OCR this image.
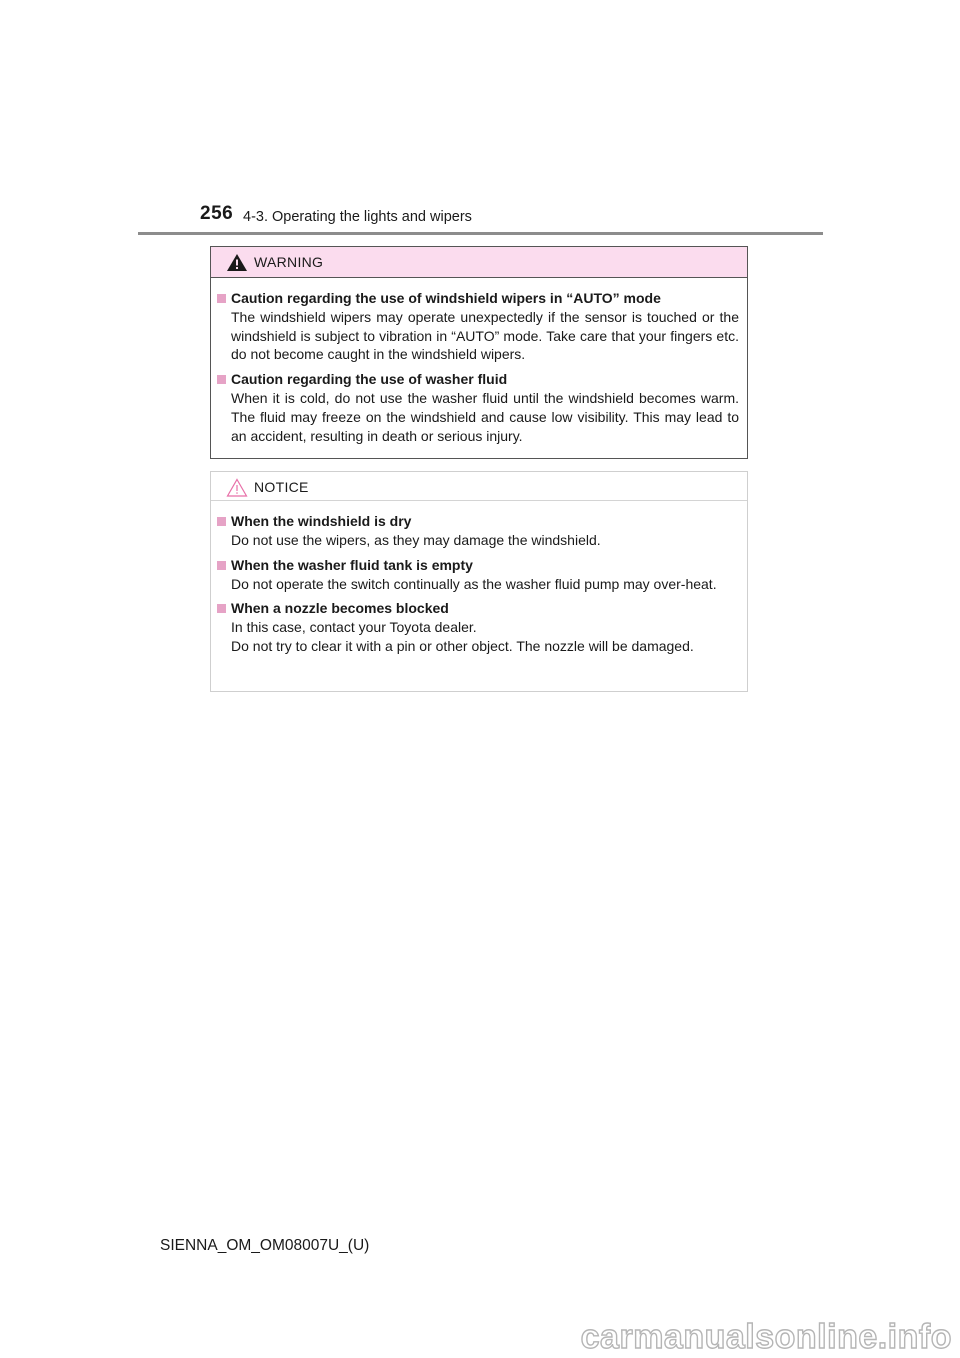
256 4-3. Operating the lights and wipers
WARNING
Caution regarding the use of windshield wipers in “AUTO” mode
The windshield wipers may operate unexpectedly if the sensor is touched or the windshield is subject to vibration in “AUTO” mode. Take care that your fingers etc. do not become caught in the windshield wipers.
Caution regarding the use of washer fluid
When it is cold, do not use the washer fluid until the windshield becomes warm. The fluid may freeze on the windshield and cause low visibility. This may lead to an accident, resulting in death or serious injury.
NOTICE
When the windshield is dry
Do not use the wipers, as they may damage the windshield.
When the washer fluid tank is empty
Do not operate the switch continually as the washer fluid pump may over-heat.
When a nozzle becomes blocked
In this case, contact your Toyota dealer.
Do not try to clear it with a pin or other object. The nozzle will be damaged.
SIENNA_OM_OM08007U_(U)
carmanualsonline.info
